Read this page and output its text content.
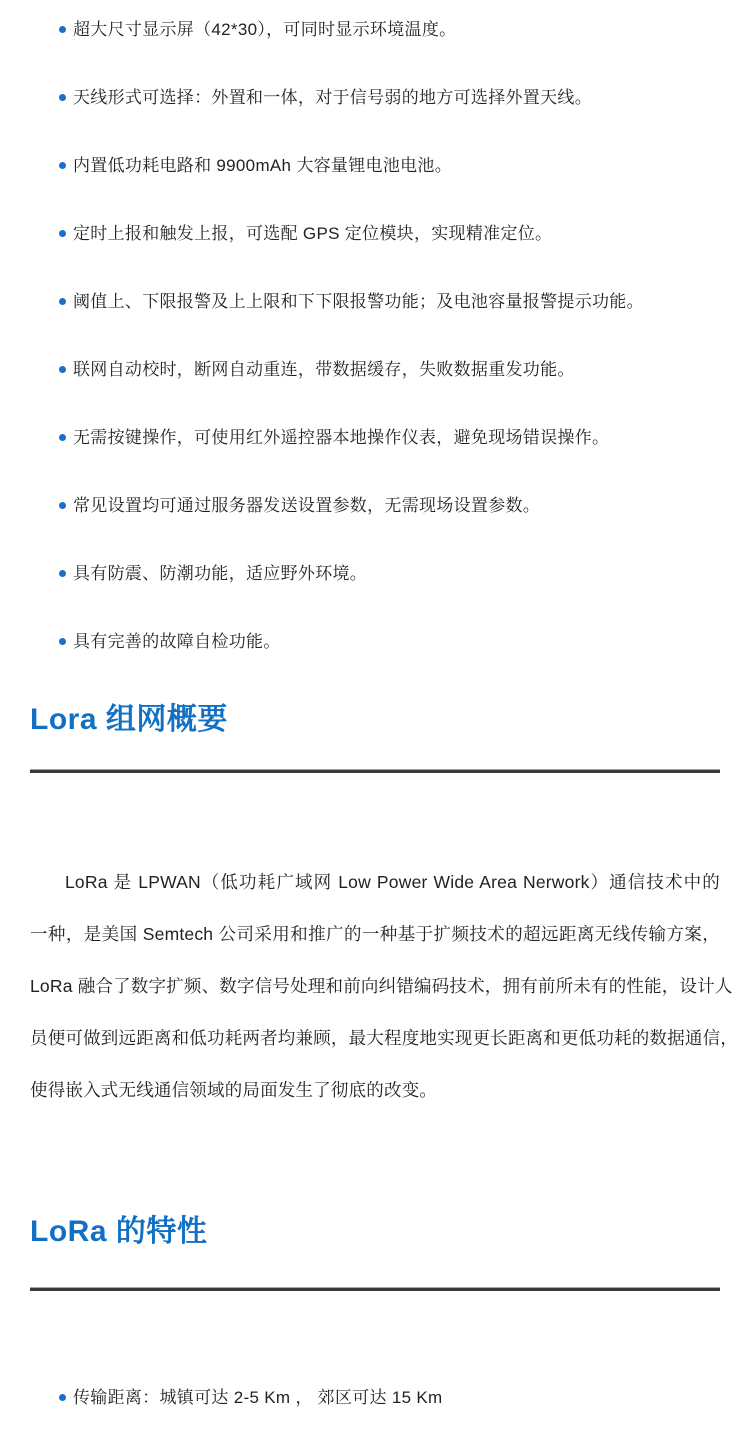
超大尺寸显示屏（42*30），可同时显示环境温度。
天线形式可选择：外置和一体，对于信号弱的地方可选择外置天线。
内置低功耗电路和 9900mAh 大容量锂电池电池。
定时上报和触发上报，可选配 GPS 定位模块，实现精准定位。
阈值上、下限报警及上上限和下下限报警功能；及电池容量报警提示功能。
联网自动校时，断网自动重连，带数据缓存，失败数据重发功能。
无需按键操作，可使用红外遥控器本地操作仪表，避免现场错误操作。
常见设置均可通过服务器发送设置参数，无需现场设置参数。
具有防震、防潮功能，适应野外环境。
具有完善的故障自检功能。
Lora 组网概要
LoRa 是 LPWAN（低功耗广域网 Low Power Wide Area Nerwork）通信技术中的
一种，是美国 Semtech 公司采用和推广的一种基于扩频技术的超远距离无线传输方案，
LoRa 融合了数字扩频、数字信号处理和前向纠错编码技术，拥有前所未有的性能，设计人
员便可做到远距离和低功耗两者均兼顾，最大程度地实现更长距离和更低功耗的数据通信，
使得嵌入式无线通信领域的局面发生了彻底的改变。
LoRa 的特性
传输距离：城镇可达 2-5 Km ， 郊区可达 15 Km
